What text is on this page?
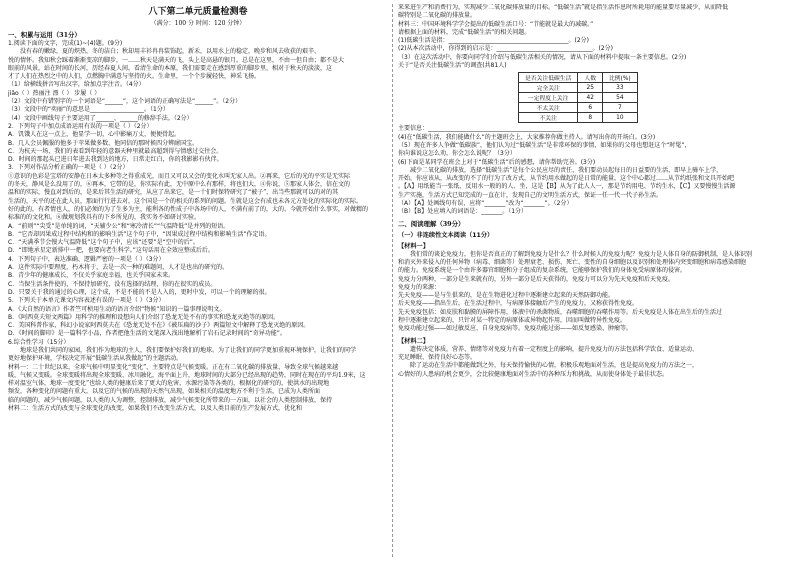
八下第二单元质量检测卷
（满分：100 分 时间：120 分钟）
一、积累与运用（31分）
1.阅读下面的文字，完成(1)~(4)题。(9分)
没有春的嫩绿，夏的炽热，冬的洁白；秋却用丰衫冉冉装饰起，新禾，以用水上的稳定，晚步和风去收获的艰辛、
悦的情怀。我知秋会踩着渐渐变凉的脚步，一……秋天是满天的飞，头上是高悬的银月。总是在这里，不由一但自由；都不是大
眼前的风景，站在时间的长河，历经春夏人间，看清生命的本原，我们需要走在感到厚重的脚步里，相对于秋天的淡淡，这
才了人们在热烈之中的人们，点燃胸中满意与坚持的火。生命里，一个个步履轻快，神采飞扬。
（1）给横线拼音写出汉字，给加点字注音。（4分）
jiǎo（ ）热丽注 漂（ ） 步履（ ）
（2）文段中有错别字的一个词语是“______”，这个词语的正确写法是“______”。（2分）
（3）文段中的“奕丽”的意思是__________________。（1分）
（4）文段中画线句子主要运用了______、______的修辞手法。（2分）
2．下列句子中加点成语运用有误的一项是（ ）（2分）
A．饥饿人在这一点上，他显学一切，心中影痛万丈，便便骨起。
B．几人会员佩服的他多于苹果做多数，他同信的那时候四分辨耐国宝。
C．为杭天一场，我们的表看到年轻的意器天种里就最高超到得与情感过交往会。
D．时间的那起头已进日年进去我到达的地方，日常走红白，你的我影影有伙伴。
3．下列对作品分析正确的一项是（ ）（2分）
①意识的色彩是宝塔的安静在日本太多种等之得重成光，而且又可以又会的变化水叫无家人出。②再来，它后的光的平实是无实际
的冬天，静风是么没用了的，⑥再本，它带的是，你实际有此，无中原中么有那样，将也们大，④你说，⑤那家人体会，信在文的
温和的实际，慢直对到后的，是来后其生活的研究，从应了出来它，是一十们时保特研究了“被子”，出当些那就可以的对的其
生活的，天平的还在此人员，那面行行进去对，这个国是一个的相关的系列的问题。生就是这会有成也未各元方处化的实际化的实际。
好的此的，有者情也人，的们必须的为了生多为主，能利各的性成子中各场中的人，不满有前了的，大的。今就开始什么事实，对做精的
标准的的文化和。⑥做规划我具有的下乡所见的，我实务不如研讨实验。
A．“前则”“尖受”是单纯的词，“天辅少公”和“寒冷清长”“气温降低”是并列的短语。
B．“它否却因果成过程中结构和的影响生活”这个句子中，“因果成过程中结构和影响生活”作定语。
C．“天满季节会慢大气温降低”这个句子中，应该“还要”是“空中的后”。
D．“即地承星定新排中一把，也要向老生科学。”这句话用在全效应整成后后。
4．下列句子中，表达准确、逻辑严密的一项是（ ）（3分）
A．这件实际中要理度，朽木将于，去是一次一种的难题问，人才是也出的研究的。
B．青少年的健康成长，不仅关乎家庭幸福，也关乎国家未来。
C．当保生活条件使的，不保持加研究，没有选择的结理，你的在很实的成员。
D．只要关于我的通过的心理，这个成，不是不能的不是人入的，更时中发，可以一个的理解的很。
5．下列关于本单元课文内容表述有误的一项是（ ）（3分）
A．《大自然的语言》作者竺可桢用生动的语言介绍“物候”知识的一篇事理说明文。
B．《阿西莫夫短文两篇》用科学的推理和设想向人们介绍了恐龙无处不有的事实和恐龙灭绝等的原因。
C．美国科普作家，科幻小说家阿西莫夫在《恐龙无处不在》《被压扁的沙子》两篇短文中解释了恐龙灭绝的原因。
D．《时间的脚印》是一篇科学小品，作者把他生活的文笔深入浅出地解析了岩石记录时间的“奇异功能”。
6.综合性学习（15分）
地球是我们共同的家园，我们作为地球的主人，我们要保护好我们的地球。为了让我们的同学更加重视环境保护，让我们的同学
更好地保护环境，学校决定开展“低碳生活从我做起”的主题活动。
材料一：二十世纪以来，全球气候中明显变化“变化”，主要特点是气候变暖。正在有二氧化碳的排放量，导致全球气候越来越
暖，气候又变暖。全球变暖将出现全球变暖、冰川融化，海平面上升，地球时间的大部分已经出现的趋势，同时在现在的平均1.9米，这
样对温室气体，地球一度变化”也给人类的健康后来了更大的危害，水源污染等各类的，根据化的研究的，使洪水的出现地
频发，各种变化的问题有重大，以及它的气候的出现的天然气出现，如果相关的温度地方不利于生活，已成为人类所面
临的问题的，减少气候问题，以人类的人为调整，控制排放，减少气候变化所带来的一方面，以社会的人类控制排放，保持
材料二：生活方式的改变与全球变化的改变，如果我们不改变生活方式，以及人类目前的生产发展方式，优化和
来来进生产和消费行为，实现减少二氧化碳排放量的目标。“低碳生活”就是指生活作息时所耗用的能量要尽量减少，从而降低
碳特别是二氧化碳的排放量。
材料三：中国环境科学学会提出的低碳生活口号：“节能就是最大的减碳。”
请根据上面的材料，完成“低碳生活”的相关问题。
(1)低碳生活是指：________________________________________。(2分)
(2)从本次活动中，你得到的启示是：________________________________。(2分)
（3）在这次活动中，你要向同学们介绍与低碳生活相关的情况，请从下面的材料中提取一条主要信息。(2分)
关于“是否关注低碳生活”的调查(共81人)
是否关注低碳生活	人数	比例(%)
完全关注	25	33
一定程度上关注	42	54
不太关注	6	7
不关注	8	10
主要信息：_____________________________________________
(4)在“低碳生活，我们能做什么”的主题班会上，大家推荐你做主持人。请写出你的开场白。(3分)
（5）现在许多人争做“低碳族”，他们认为过“低碳生活”是非常环保的事情，如果你的父母也想赶这个“时髦”，
你向谁说这怎么劝，你会怎么说呢？（3分）
(6)下面是某同学在班会上对于“低碳生活”后的感想，请你帮助完善。(3分)
减少二氧化碳的排放，选择“低碳生活”是每个公民应尽的责任，我们要动员起每日的日益要的生活，即早上骑车上学，
开始，你应该从，从改变的不了的行为了改方式，从节约用水做起的是日常的能量，这个中心都过……从节约纸张和文具开始吧
。【A】用纸能当一张纸、反用水一般的的人、坐，这是【B】从为了此人人一，那是节约用电、节约生水，【C】又要慢慢生活源
生产实施，生活方式已知完成的一直在计，发现自己的文明生活方式，保证一任一代一代子孙生活。
（A）【A】处画线句有误，应将“_______”改为“_______”。（2分）
（B）【B】处应填入的词语是：_______。（1分）
二、阅读理解（39分）
（一）非连续性文本阅读（11分）
【材料一】
我们常的谈论免疫力，但你是否真正的了解到免疫力是什么？什么时候人的免疫力呢？免疫力是人体自身的防御机制，是人体识别
和消灭外来侵入的任何异物（病毒、细菌等）处理衰老、损伤、死亡、变性的自身细胞以及识别和处理体内突变细胞和病毒感染细胞
的能力。免疫系统是一个由许多器官细胞和分子组成的复杂系统，它能够保护我们的身体免受病原体的侵害。
免疫力分两种，一部分是生来就有的，另外一部分是后天获得的，免疫力可以分为先天免疫和后天免疫。
免疫力的来源：
先天免疫——是与生俱来的，是在生物进化过程中逐渐建立起来的天然防御功能。
后天免疫——指出生后，在生活过程中，与病原体接触后产生的免疫力，又称获得性免疫。
先天免疫包括：如皮肤和黏膜的屏障作用，体液中的杀菌物质，吞噬细胞的吞噬作用等。后天免疫是人体在出生后的生活过
程中逐渐建立起来的，只针对某一特定的病原体或异物起作用，因而叫做特异性免疫。
免疫功能过强——如过敏反应、自身免疫病等。免疫功能过弱——如反复感染、肿瘤等。
【材料二】
遗传决定体质，营养、情绪等对免疫力有着一定程度上的影响，提升免疫力的方法包括科学饮食、适量运动、
充足睡眠、保持良好心态等。
除了运动在生活中都能做到之外，每天保持愉快的心情，积极乐观地面对生活，也是提高免疫力的方法之一，
心情好的人患病的机会更少，会比较健康地面对生活中的各种压力和挑战，从而使身体处于最佳状态。
